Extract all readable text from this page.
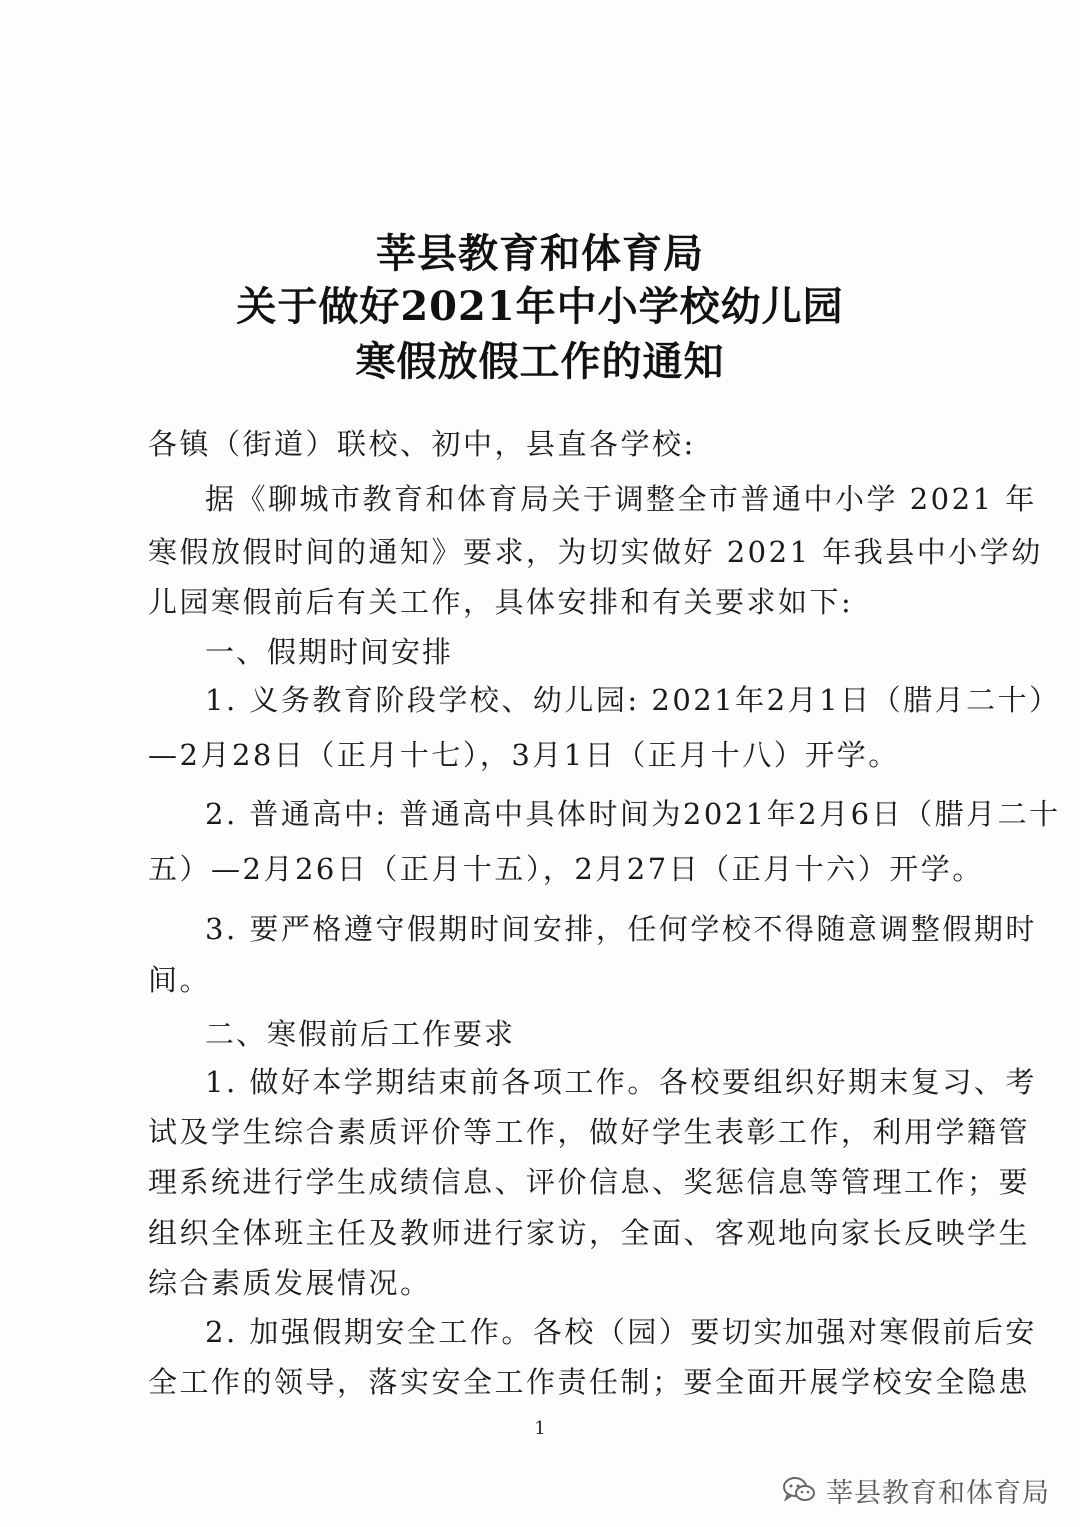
莘县教育和体育局
关于做好2021年中小学校幼儿园
寒假放假工作的通知
各镇（街道）联校、初中，县直各学校:
据《聊城市教育和体育局关于调整全市普通中小学 2021 年
寒假放假时间的通知》要求，为切实做好 2021 年我县中小学幼
儿园寒假前后有关工作，具体安排和有关要求如下:
一、假期时间安排
1. 义务教育阶段学校、幼儿园: 2021年2月1日（腊月二十）
—2月28日（正月十七），3月1日（正月十八）开学。
2. 普通高中: 普通高中具体时间为2021年2月6日（腊月二十
五）—2月26日（正月十五），2月27日（正月十六）开学。
3. 要严格遵守假期时间安排，任何学校不得随意调整假期时
间。
二、寒假前后工作要求
1. 做好本学期结束前各项工作。各校要组织好期末复习、考
试及学生综合素质评价等工作，做好学生表彰工作，利用学籍管
理系统进行学生成绩信息、评价信息、奖惩信息等管理工作；要
组织全体班主任及教师进行家访，全面、客观地向家长反映学生
综合素质发展情况。
2. 加强假期安全工作。各校（园）要切实加强对寒假前后安
全工作的领导，落实安全工作责任制；要全面开展学校安全隐患
1
莘县教育和体育局
